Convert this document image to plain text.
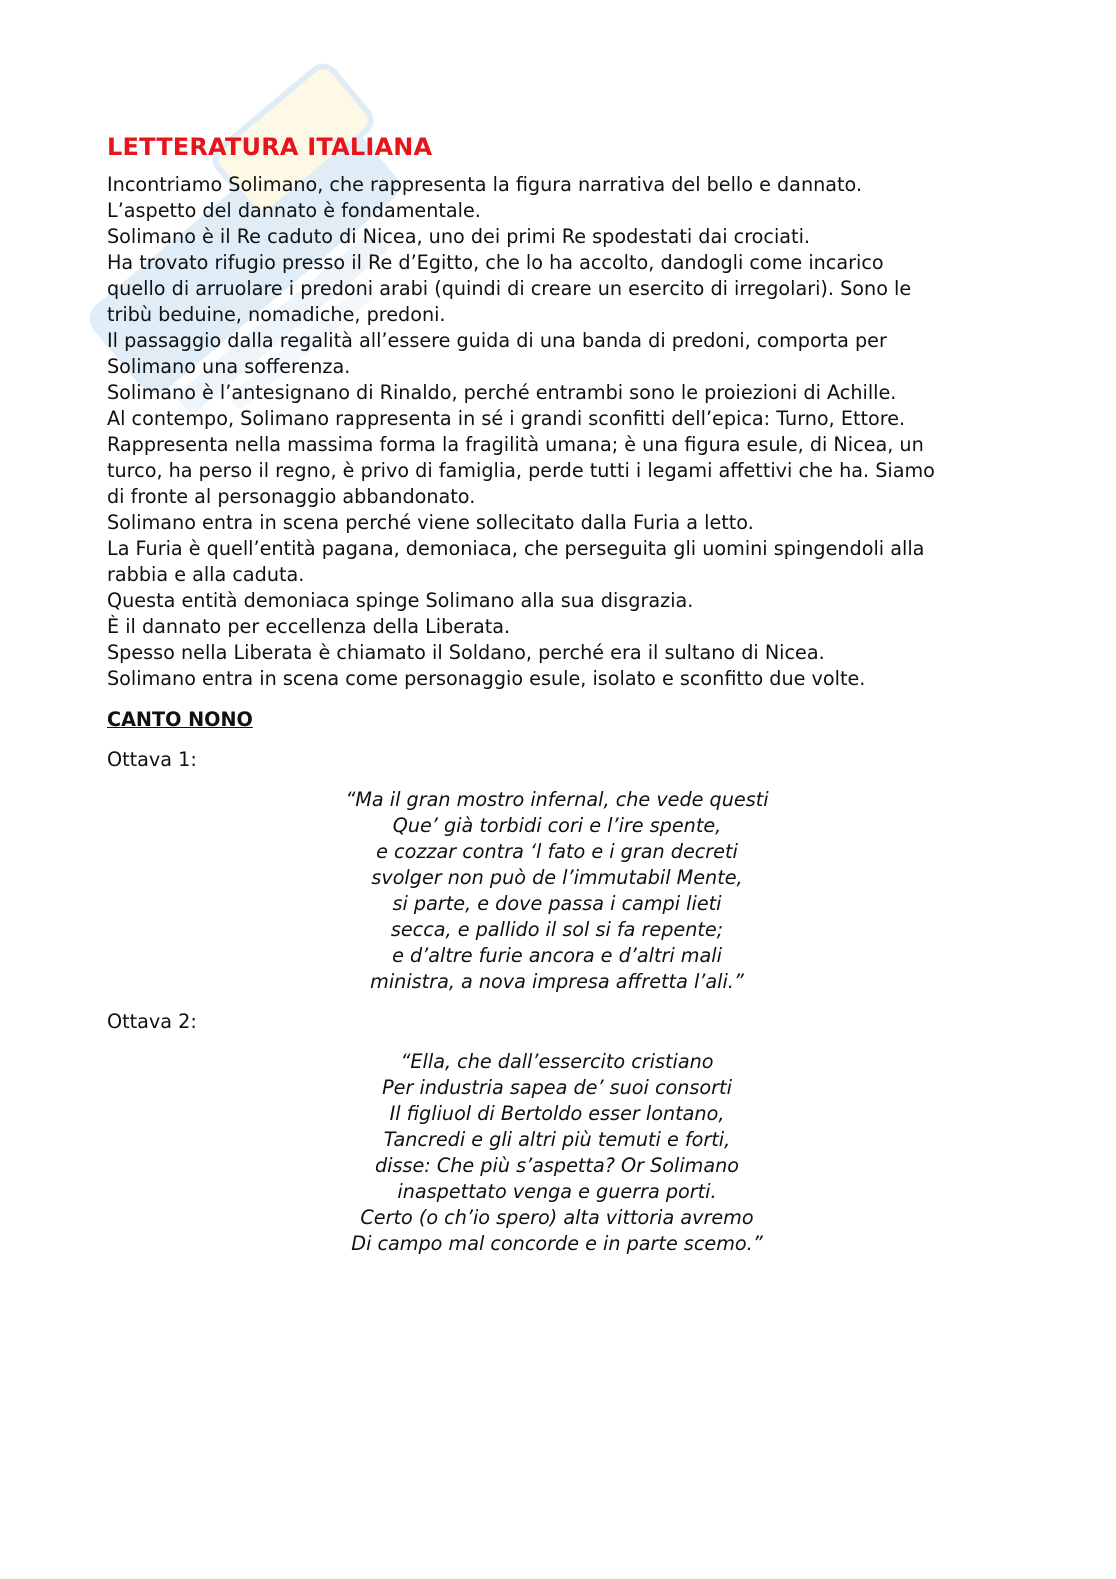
LETTERATURA ITALIANA

Incontriamo Solimano, che rappresenta la figura narrativa del bello e dannato.
L’aspetto del dannato è fondamentale.
Solimano è il Re caduto di Nicea, uno dei primi Re spodestati dai crociati.
Ha trovato rifugio presso il Re d’Egitto, che lo ha accolto, dandogli come incarico
quello di arruolare i predoni arabi (quindi di creare un esercito di irregolari). Sono le
tribù beduine, nomadiche, predoni.
Il passaggio dalla regalità all’essere guida di una banda di predoni, comporta per
Solimano una sofferenza.
Solimano è l’antesignano di Rinaldo, perché entrambi sono le proiezioni di Achille.
Al contempo, Solimano rappresenta in sé i grandi sconfitti dell’epica: Turno, Ettore.
Rappresenta nella massima forma la fragilità umana; è una figura esule, di Nicea, un
turco, ha perso il regno, è privo di famiglia, perde tutti i legami affettivi che ha. Siamo
di fronte al personaggio abbandonato.
Solimano entra in scena perché viene sollecitato dalla Furia a letto.
La Furia è quell’entità pagana, demoniaca, che perseguita gli uomini spingendoli alla
rabbia e alla caduta.
Questa entità demoniaca spinge Solimano alla sua disgrazia.
È il dannato per eccellenza della Liberata.
Spesso nella Liberata è chiamato il Soldano, perché era il sultano di Nicea.
Solimano entra in scena come personaggio esule, isolato e sconfitto due volte.

CANTO NONO
Ottava 1:
“Ma il gran mostro infernal, che vede questi
Que’ già torbidi cori e l’ire spente,
e cozzar contra ‘l fato e i gran decreti
svolger non può de l’immutabil Mente,
si parte, e dove passa i campi lieti
secca, e pallido il sol si fa repente;
e d’altre furie ancora e d’altri mali
ministra, a nova impresa affretta l’ali.”
Ottava 2:
“Ella, che dall’essercito cristiano
Per industria sapea de’ suoi consorti
Il figliuol di Bertoldo esser lontano,
Tancredi e gli altri più temuti e forti,
disse: Che più s’aspetta? Or Solimano
inaspettato venga e guerra porti.
Certo (o ch’io spero) alta vittoria avremo
Di campo mal concorde e in parte scemo.”
